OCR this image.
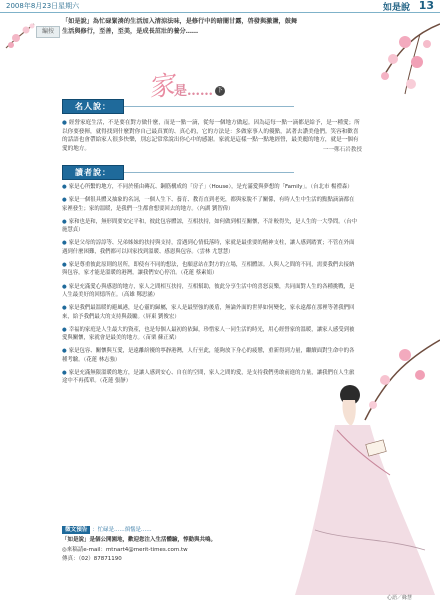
2008年8月23日星期六	如是說 13
編按
「如是說」為忙碌緊湊的生活加入清涼法味，是修行中的暗闇甘露，啓發與激盪，鼓舞生活與修行，至善，至美，是成長茁壯的養分……
家是…… 下
名人說：
● 經營家庭生活，不是要在對方做什麼，而是一點一滴，從每一個地方做起。因為這每一點一滴都是給予，是一種愛；所以你要發揮，就得找到什麼對你自己最真實的、真心的，它的方法是：多做家事人的優點，試著去讚美他們。笑容和歡喜的話語也會帶給家人很多快樂，別忘記常常說出你心中的感謝。家就是這樣一點一點地經營，最美麗的地方，就是一個有愛的地方。	一一鄭石岩教授
讀者說：
● 家是心所繫的地方，不同於僅由磚瓦、鋼筋構成的「房子」（House），是充滿愛與夢想的「Family」。（台北市 楊禮森）
● 家是一個很具體又抽象的名詞，一個人生下、養育、教育直到老死，都與家脫不了關係，有時人生中生活的點點滴滴都在家裡發生；家的溫暖，是我們一生都會想要回去的地方。（內湖 劉智偉）
● 家和也是和，無形間要安定平和，彼此包容體諒，互相扶持，如何做到相互關懷，不計較得失，是人生的一大學問。（台中 施慧貞）
● 家是父母的諄諄等、兄弟姊妹的扶持與支持，當遇到心情低落時，家就是最重要的精神支柱，讓人感到踏實；不管在外面遇到什麼困難，我們都可以回家找到溫暖、感恩與包容。（雲林 尤慧慧）
● 家是尊重彼此原則的居所，即使有不同的想法，也願意站在對方的立場，互相體諒。人與人之間的不同，需要我們去接納與包容，家才能是溫暖的港灣，讓我們安心停泊。（花蓮 蔡素娟）
● 家是充滿愛心與感恩的地方，家人之間相互扶持，互相幫助，彼此分享生活中的喜怒哀樂，共同面對人生的各種挑戰，是人生最美好的回憶所在。（高雄 鄭思涵）
● 家是我們最溫暖的避風港，是心靈的歸屬，家人是最堅強的後盾，無論外面的世界如何變化，家永遠都在那裡等著我們回來，給予我們最大的支持與鼓勵。（屏東 劉俊宏）
● 幸福的家庭是人生最大的資產，也是每個人最初的依歸，珍惜家人一同生活的時光，用心經營家的溫暖，讓家人感受到被愛與關懷，家就會是最美的地方。（苗栗 蘇正斌）
● 家是包容、關懷與互愛，是遠離紛擾的寧靜港灣，人行至此，能夠放下身心的疲憊，重新得到力量，繼續面對生命中的各種考驗。（花蓮 林志強）
● 家是充滿無限溫暖的地方，是讓人感到安心、自在的空間，家人之間的愛，是支持我們勇敢前進的力量，讓我們在人生旅途中不再孤單。（花蓮 張靜）
徵文預告 ：忙碌是……煩惱是……
「如是說」是個公開園地，歡迎您注入生活體驗，惇動與共鳴。
◎來稿請e-mail：mtnart4@merit-times.com.tw
傳真：（02）87871190
心語／緣慧
